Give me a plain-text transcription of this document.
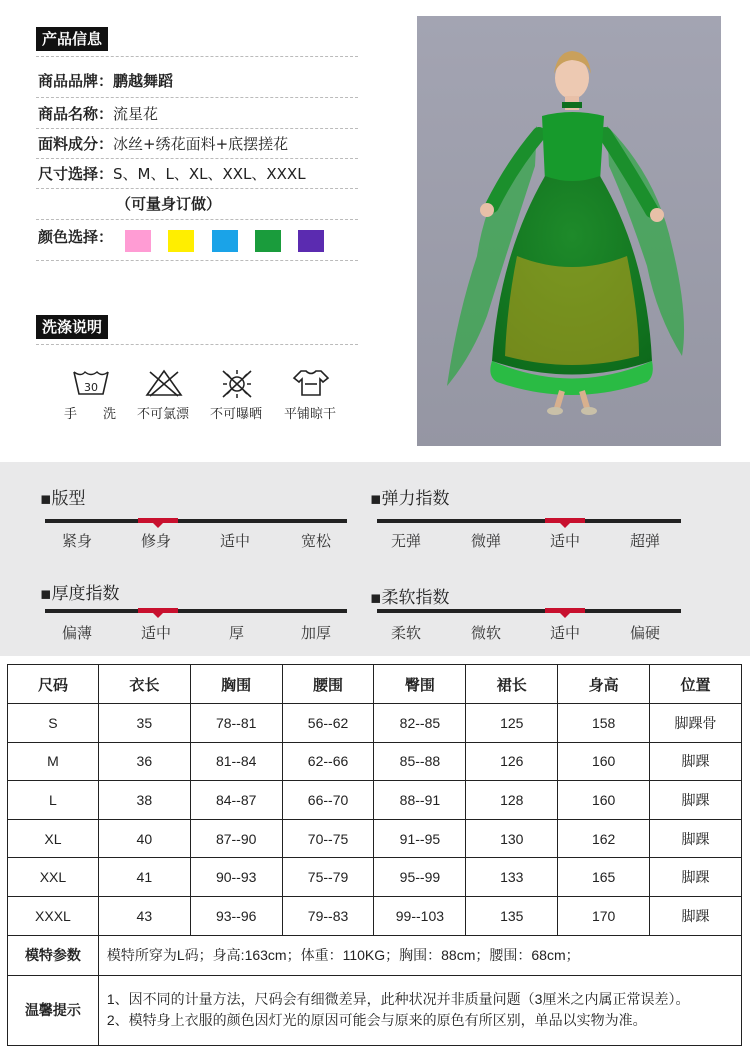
产品信息
商品品牌：鹏越舞蹈
商品名称：流星花
面料成分：冰丝+绣花面料+底摆搓花
尺寸选择：S、M、L、XL、XXL、XXXL
（可量身订做）
颜色选择：
洗涤说明
30
手　　洗 不可氯漂 不可曝晒 平铺晾干
▪版型
紧身	修身	适中	宽松
▪弹力指数
无弹	微弹	适中	超弹
▪厚度指数
偏薄	适中	厚	加厚
▪柔软指数
柔软	微软	适中	偏硬
尺码	衣长	胸围	腰围	臀围	裙长	身高	位置
S	35	78--81	56--62	82--85	125	158	脚踝骨
M	36	81--84	62--66	85--88	126	160	脚踝
L	38	84--87	66--70	88--91	128	160	脚踝
XL	40	87--90	70--75	91--95	130	162	脚踝
XXL	41	90--93	75--79	95--99	133	165	脚踝
XXXL	43	93--96	79--83	99--103	135	170	脚踝
模特参数	模特所穿为L码；身高:163cm；体重：110KG；胸围：88cm；腰围：68cm；						
温馨提示	1、因不同的计量方法，尺码会有细微差异，此种状况并非质量问题（3厘米之内属正常误差）。
2、模特身上衣服的颜色因灯光的原因可能会与原来的原色有所区别，单品以实物为准。						
